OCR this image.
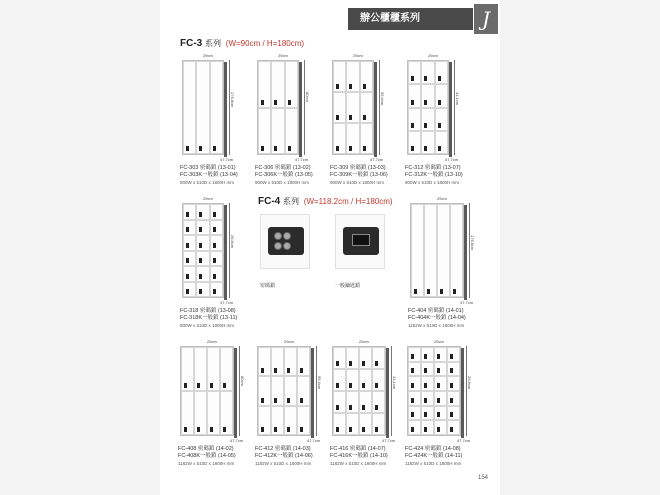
辦公櫃櫃系列	J
FC-3 系列 (W=90cm / H=180cm)
29cm
176.8cm
47.7cm
FC-303 密碼鎖 (13-01)
FC-303K一般鎖 (13-04)
900W x 510D x 1800H mm
29cm
80cm
47.7cm
FC-306 密碼鎖 (13-02)
FC-306K一般鎖 (13-05)
900W x 510D x 1800H mm
29cm
55.4cm
47.7cm
FC-309 密碼鎖 (13-03)
FC-309K一般鎖 (13-06)
900W x 510D x 1800H mm
29cm
41.1cm
47.7cm
FC-312 密碼鎖 (13-07)
FC-312K一般鎖 (13-10)
900W x 510D x 1800H mm
FC-4 系列 (W=118.2cm / H=180cm)
密碼鎖	一般鑰匙鎖
29cm
26.8cm
47.7cm
FC-318 密碼鎖 (13-08)
FC-318K一般鎖 (13-11)
900W x 510D x 1800H mm
29cm
176.8cm
47.7cm
FC-404 密碼鎖 (14-01)
FC-404K一般鎖 (14-04)
1182W x 510D x 1800H mm
29cm
80cm
47.7cm
FC-408 密碼鎖 (14-02)
FC-408K一般鎖 (14-05)
1182W x 510D x 1800H mm
29cm
55.4cm
47.7cm
FC-412 密碼鎖 (14-03)
FC-412K一般鎖 (14-06)
1182W x 510D x 1800H mm
29cm
41.1cm
47.7cm
FC-416 密碼鎖 (14-07)
FC-416K一般鎖 (14-10)
1182W x 510D x 1800H mm
29cm
26.8cm
47.7cm
FC-424 密碼鎖 (14-08)
FC-424K一般鎖 (14-11)
1182W x 510D x 1800H mm
154
